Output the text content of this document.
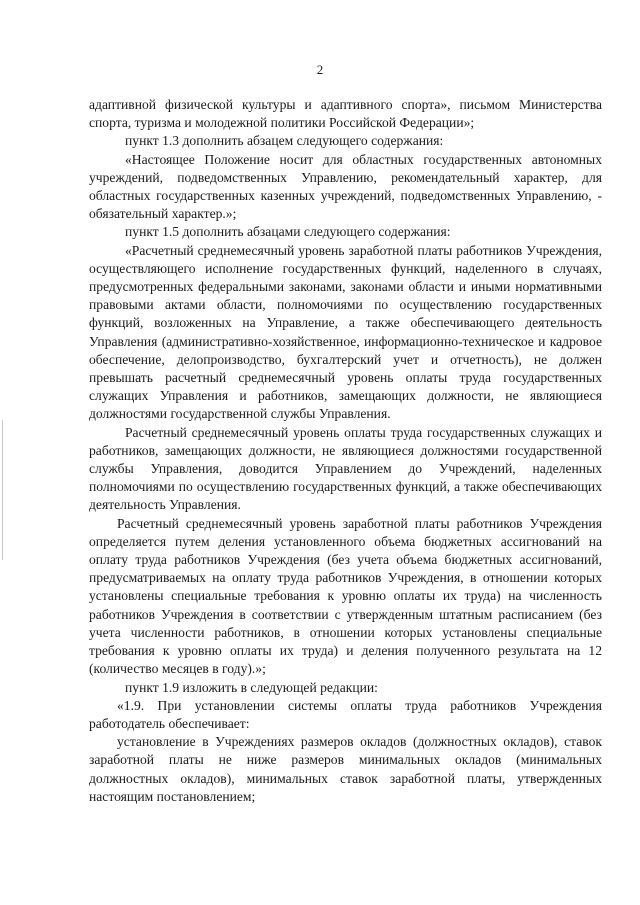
2

адаптивной физической культуры и адаптивного спорта», письмом Министерства спорта, туризма и молодежной политики Российской Федерации»;

пункт 1.3 дополнить абзацем следующего содержания:

«Настоящее Положение носит для областных государственных автономных учреждений, подведомственных Управлению, рекомендательный характер, для областных государственных казенных учреждений, подведомственных Управлению, - обязательный характер.»;

пункт 1.5 дополнить абзацами следующего содержания:

«Расчетный среднемесячный уровень заработной платы работников Учреждения, осуществляющего исполнение государственных функций, наделенного в случаях, предусмотренных федеральными законами, законами области и иными нормативными правовыми актами области, полномочиями по осуществлению государственных функций, возложенных на Управление, а также обеспечивающего деятельность Управления (административно-хозяйственное, информационно-техническое и кадровое обеспечение, делопроизводство, бухгалтерский учет и отчетность), не должен превышать расчетный среднемесячный уровень оплаты труда государственных служащих Управления и работников, замещающих должности, не являющиеся должностями государственной службы Управления.

Расчетный среднемесячный уровень оплаты труда государственных служащих и работников, замещающих должности, не являющиеся должностями государственной службы Управления, доводится Управлением до Учреждений, наделенных полномочиями по осуществлению государственных функций, а также обеспечивающих деятельность Управления.

Расчетный среднемесячный уровень заработной платы работников Учреждения определяется путем деления установленного объема бюджетных ассигнований на оплату труда работников Учреждения (без учета объема бюджетных ассигнований, предусматриваемых на оплату труда работников Учреждения, в отношении которых установлены специальные требования к уровню оплаты их труда) на численность работников Учреждения в соответствии с утвержденным штатным расписанием (без учета численности работников, в отношении которых установлены специальные требования к уровню оплаты их труда) и деления полученного результата на 12 (количество месяцев в году).»;

пункт 1.9 изложить в следующей редакции:

«1.9. При установлении системы оплаты труда работников Учреждения работодатель обеспечивает:

установление в Учреждениях размеров окладов (должностных окладов), ставок заработной платы не ниже размеров минимальных окладов (минимальных должностных окладов), минимальных ставок заработной платы, утвержденных настоящим постановлением;
